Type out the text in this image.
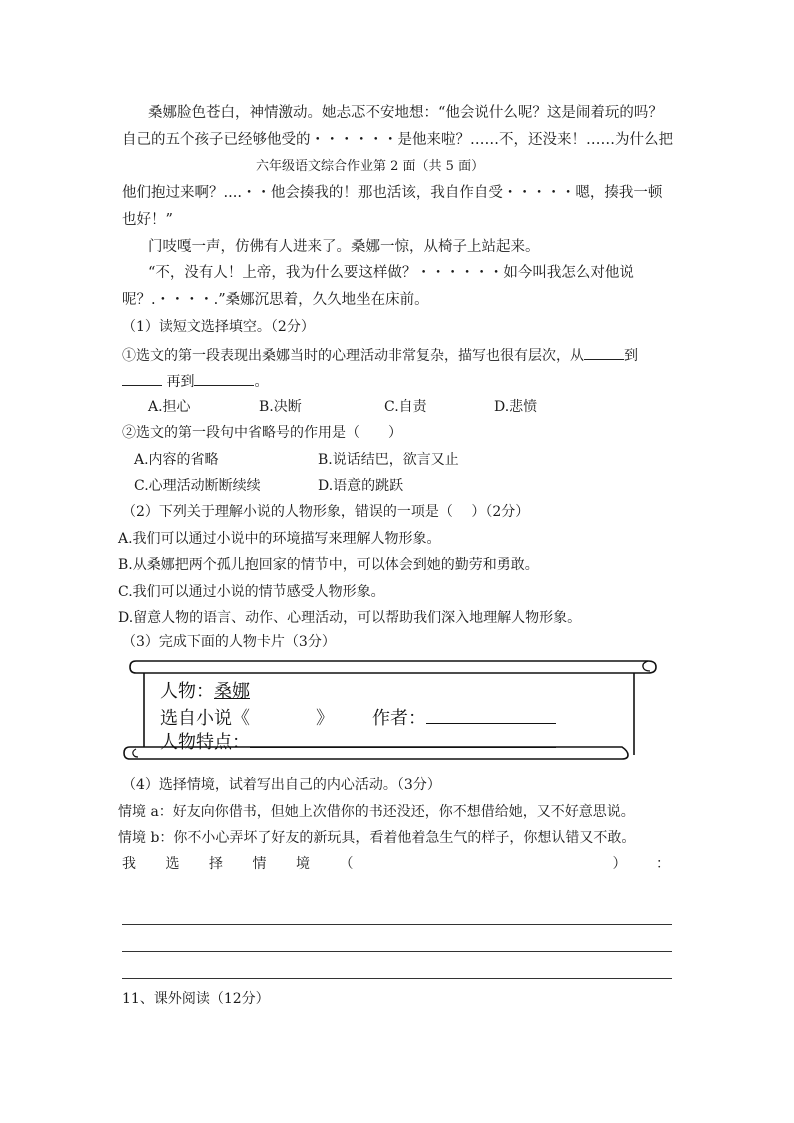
桑娜脸色苍白，神情激动。她忐忑不安地想：“他会说什么呢？这是闹着玩的吗？
自己的五个孩子已经够他受的・・・・・・是他来啦？……不，还没来！……为什么把
六年级语文综合作业第 2 面（共 5 面）
他们抱过来啊？....・・他会揍我的！那也活该，我自作自受・・・・・嗯，揍我一顿
也好！”
门吱嘎一声，仿佛有人进来了。桑娜一惊，从椅子上站起来。
“不，没有人！上帝，我为什么要这样做？・・・・・・如今叫我怎么对他说
呢？.・・・・.”桑娜沉思着，久久地坐在床前。
（1）读短文选择填空。（2分）
①选文的第一段表现出桑娜当时的心理活动非常复杂，描写也很有层次，从	到
再到	。
A.担心	B.决断	C.自责	D.悲愤
②选文的第一段句中省略号的作用是（　　）
A.内容的省略	B.说话结巴，欲言又止
C.心理活动断断续续	D.语意的跳跃
（2）下列关于理解小说的人物形象，错误的一项是（　 ）（2分）
A.我们可以通过小说中的环境描写来理解人物形象。
B.从桑娜把两个孤儿抱回家的情节中，可以体会到她的勤劳和勇敢。
C.我们可以通过小说的情节感受人物形象。
D.留意人物的语言、动作、心理活动，可以帮助我们深入地理解人物形象。
（3）完成下面的人物卡片（3分）
人物：桑娜
选自小说《	》 作者：
人物特点：
（4）选择情境，试着写出自己的内心活动。（3分）
情境 a：好友向你借书，但她上次借你的书还没还，你不想借给她，又不好意思说。
情境 b：你不小心弄坏了好友的新玩具，看着他着急生气的样子，你想认错又不敢。
我 选 择 情 境 （	） ：
11、课外阅读（12分）
